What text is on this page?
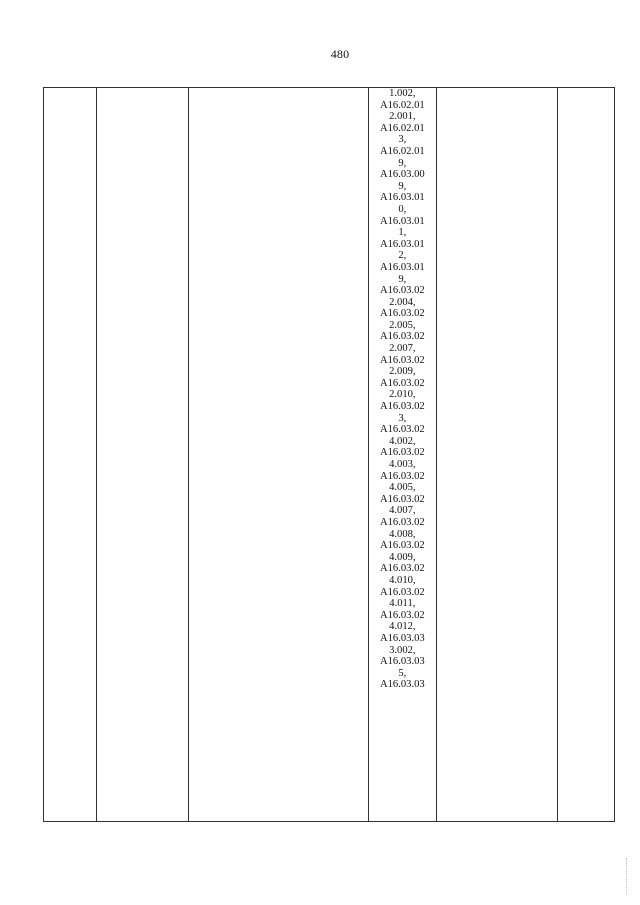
480

1.002,
A16.02.01
2.001,
A16.02.01
3,
A16.02.01
9,
A16.03.00
9,
A16.03.01
0,
A16.03.01
1,
A16.03.01
2,
A16.03.01
9,
A16.03.02
2.004,
A16.03.02
2.005,
A16.03.02
2.007,
A16.03.02
2.009,
A16.03.02
2.010,
A16.03.02
3,
A16.03.02
4.002,
A16.03.02
4.003,
A16.03.02
4.005,
A16.03.02
4.007,
A16.03.02
4.008,
A16.03.02
4.009,
A16.03.02
4.010,
A16.03.02
4.011,
A16.03.02
4.012,
A16.03.03
3.002,
A16.03.03
5,
A16.03.03
